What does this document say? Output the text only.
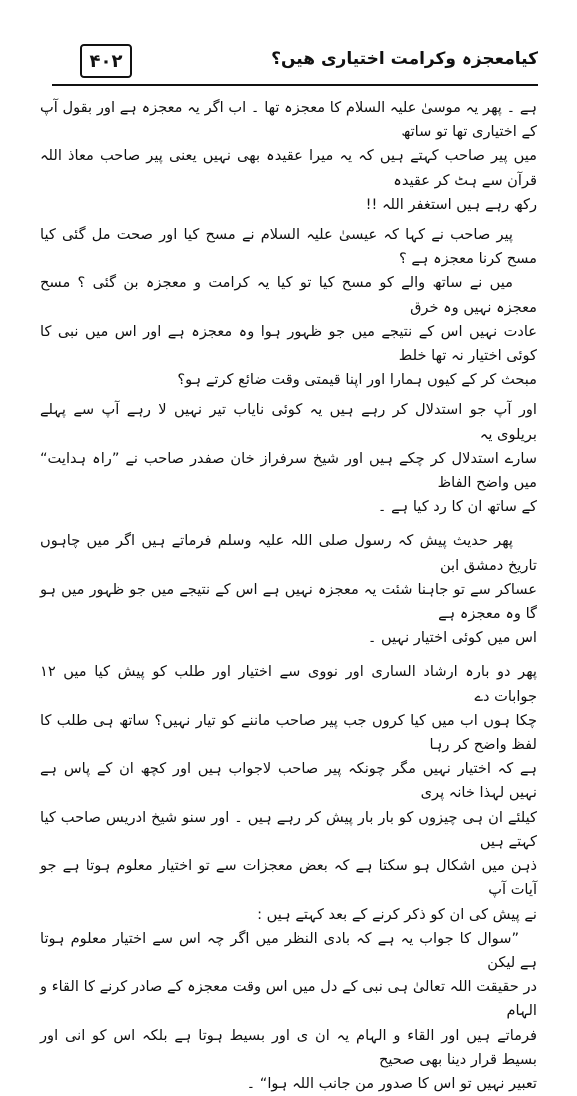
۴۰۲	کیامعجزہ وکرامت اختیاری ھیں؟

ہے ۔ پھر یہ موسیٰ علیہ السلام کا معجزہ تھا ۔ اب اگر یہ معجزہ ہے اور بقول آپ کے اختیاری تھا تو ساتھ
میں پیر صاحب کہتے ہیں کہ یہ میرا عقیدہ بھی نہیں یعنی پیر صاحب معاذ اللہ قرآن سے ہٹ کر عقیدہ
رکھ رہے ہیں استغفر اللہ !!

پیر صاحب نے کہا کہ عیسیٰ علیہ السلام نے مسح کیا اور صحت مل گئی کیا مسح کرنا معجزہ ہے ؟

میں نے ساتھ والے کو مسح کیا تو کیا یہ کرامت و معجزہ بن گئی ؟ مسح معجزہ نہیں وہ خرق
عادت نہیں اس کے نتیجے میں جو ظہور ہوا وہ معجزہ ہے اور اس میں نبی کا کوئی اختیار نہ تھا خلط
مبحث کر کے کیوں ہمارا اور اپنا قیمتی وقت ضائع کرتے ہو؟

اور آپ جو استدلال کر رہے ہیں یہ کوئی نایاب تیر نہیں لا رہے آپ سے پہلے بریلوی یہ
سارے استدلال کر چکے ہیں اور شیخ سرفراز خان صفدر صاحب نے ”راہ ہدایت“ میں واضح الفاظ
کے ساتھ ان کا رد کیا ہے ۔

پھر حدیث پیش کہ رسول صلی اللہ علیہ وسلم فرماتے ہیں اگر میں چاہوں تاریخ دمشق ابن
عساکر سے تو جاہنا شئت یہ معجزہ نہیں ہے اس کے نتیجے میں جو ظہور میں ہو گا وہ معجزہ ہے
اس میں کوئی اختیار نہیں ۔

پھر دو بارہ ارشاد الساری اور نووی سے اختیار اور طلب کو پیش کیا میں ۱۲ جوابات دے
چکا ہوں اب میں کیا کروں جب پیر صاحب ماننے کو تیار نہیں؟ ساتھ ہی طلب کا لفظ واضح کر رہا
ہے کہ اختیار نہیں مگر چونکہ پیر صاحب لاجواب ہیں اور کچھ ان کے پاس ہے نہیں لہذا خانہ پری
کیلئے ان ہی چیزوں کو بار بار پیش کر رہے ہیں ۔ اور سنو شیخ ادریس صاحب کیا کہتے ہیں
ذہن میں اشکال ہو سکتا ہے کہ بعض معجزات سے تو اختیار معلوم ہوتا ہے جو آیات آپ
نے پیش کی ان کو ذکر کرنے کے بعد کہتے ہیں :

”سوال کا جواب یہ ہے کہ بادی النظر میں اگر چہ اس سے اختیار معلوم ہوتا ہے لیکن
در حقیقت اللہ تعالیٰ ہی نبی کے دل میں اس وقت معجزہ کے صادر کرنے کا القاء و الہام
فرماتے ہیں اور القاء و الہام یہ ان ی اور بسیط ہوتا ہے بلکہ اس کو انی اور بسیط قرار دینا بھی صحیح
تعبیر نہیں تو اس کا صدور من جانب اللہ ہوا“ ۔
